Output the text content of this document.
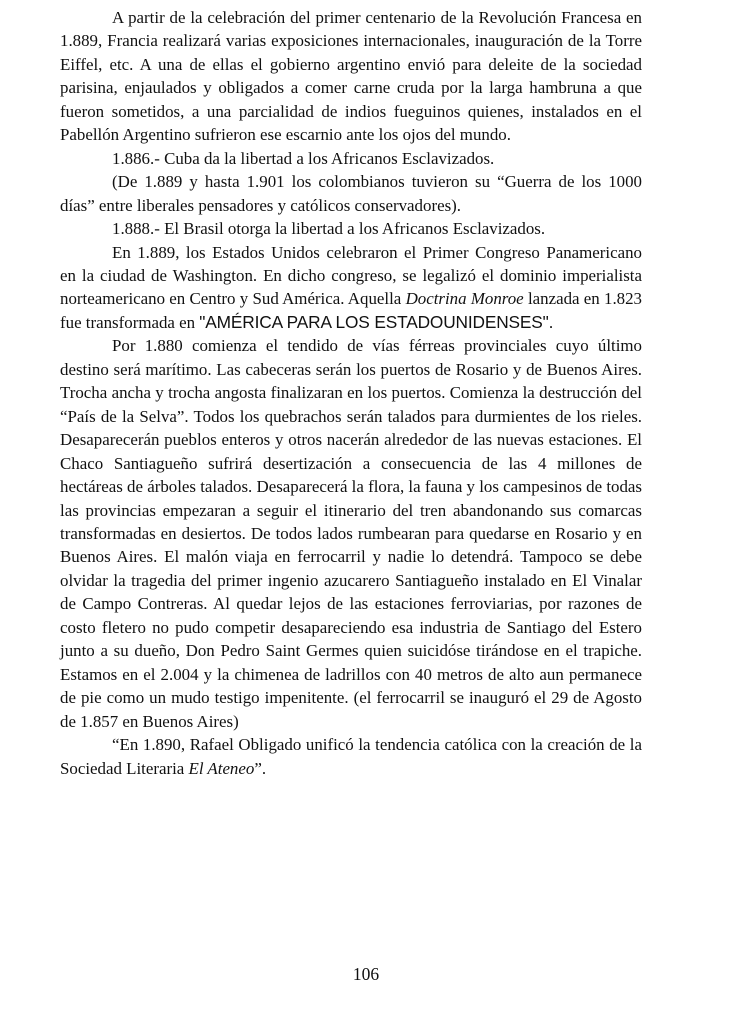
A partir de la celebración del primer centenario de la Revolución Francesa en 1.889, Francia realizará varias exposiciones internacionales, inauguración de la Torre Eiffel, etc. A una de ellas el gobierno argentino envió para deleite de la sociedad parisina, enjaulados y obligados a comer carne cruda por la larga hambruna a que fueron sometidos, a una parcialidad de indios fueguinos quienes, instalados en el Pabellón Argentino sufrieron ese escarnio ante los ojos del mundo.

1.886.- Cuba da la libertad a los Africanos Esclavizados.

(De 1.889 y hasta 1.901 los colombianos tuvieron su “Guerra de los 1000 días” entre liberales pensadores y católicos conservadores).

1.888.- El Brasil otorga la libertad a los Africanos Esclavizados.

En 1.889, los Estados Unidos celebraron el Primer Congreso Panamericano en la ciudad de Washington. En dicho congreso, se legalizó el dominio imperialista norteamericano en Centro y Sud América. Aquella Doctrina Monroe lanzada en 1.823 fue transformada en "AMÉRICA PARA LOS ESTADOUNIDENSES".

Por 1.880 comienza el tendido de vías férreas provinciales cuyo último destino será marítimo. Las cabeceras serán los puertos de Rosario y de Buenos Aires. Trocha ancha y trocha angosta finalizaran en los puertos. Comienza la destrucción del “País de la Selva”. Todos los quebrachos serán talados para durmientes de los rieles. Desaparecerán pueblos enteros y otros nacerán alrededor de las nuevas estaciones. El Chaco Santiagueño sufrirá desertización a consecuencia de las 4 millones de hectáreas de árboles talados. Desaparecerá la flora, la fauna y los campesinos de todas las provincias empezaran a seguir el itinerario del tren abandonando sus comarcas transformadas en desiertos. De todos lados rumbearan para quedarse en Rosario y en Buenos Aires. El malón viaja en ferrocarril y nadie lo detendrá. Tampoco se debe olvidar la tragedia del primer ingenio azucarero Santiagueño instalado en El Vinalar de Campo Contreras. Al quedar lejos de las estaciones ferroviarias, por razones de costo fletero no pudo competir desapareciendo esa industria de Santiago del Estero junto a su dueño, Don Pedro Saint Germes quien suicidóse tirándose en el trapiche. Estamos en el 2.004 y la chimenea de ladrillos con 40 metros de alto aun permanece de pie como un mudo testigo impenitente. (el ferrocarril se inauguró el 29 de Agosto de 1.857 en Buenos Aires)

“En 1.890, Rafael Obligado unificó la tendencia católica con la creación de la Sociedad Literaria El Ateneo”.

106
